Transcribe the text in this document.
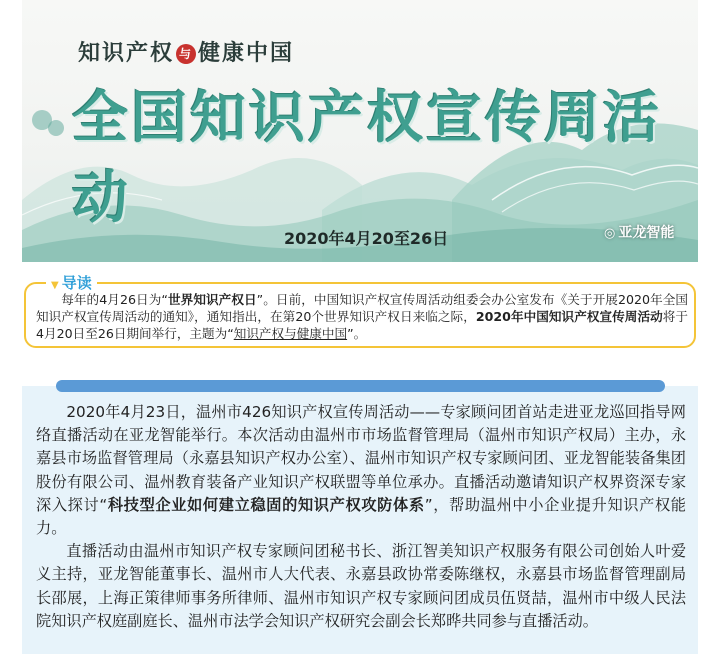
知识产权 与 健康中国
全国知识产权宣传周活动
2020年4月20至26日	◎ 亚龙智能
▼ 导读
每年的4月26日为“世界知识产权日”。日前，中国知识产权宣传周活动组委会办公室发布《关于开展2020年全国知识产权宣传周活动的通知》，通知指出，在第20个世界知识产权日来临之际，2020年中国知识产权宣传周活动将于4月20日至26日期间举行，主题为“知识产权与健康中国”。

2020年4月23日，温州市426知识产权宣传周活动——专家顾问团首站走进亚龙巡回指导网络直播活动在亚龙智能举行。本次活动由温州市市场监督管理局（温州市知识产权局）主办，永嘉县市场监督管理局（永嘉县知识产权办公室）、温州市知识产权专家顾问团、亚龙智能装备集团股份有限公司、温州教育装备产业知识产权联盟等单位承办。直播活动邀请知识产权界资深专家深入探讨“科技型企业如何建立稳固的知识产权攻防体系”，帮助温州中小企业提升知识产权能力。

直播活动由温州市知识产权专家顾问团秘书长、浙江智美知识产权服务有限公司创始人叶爱义主持，亚龙智能董事长、温州市人大代表、永嘉县政协常委陈继权，永嘉县市场监督管理副局长邵展，上海正策律师事务所律师、温州市知识产权专家顾问团成员伍贤喆，温州市中级人民法院知识产权庭副庭长、温州市法学会知识产权研究会副会长郑晔共同参与直播活动。
